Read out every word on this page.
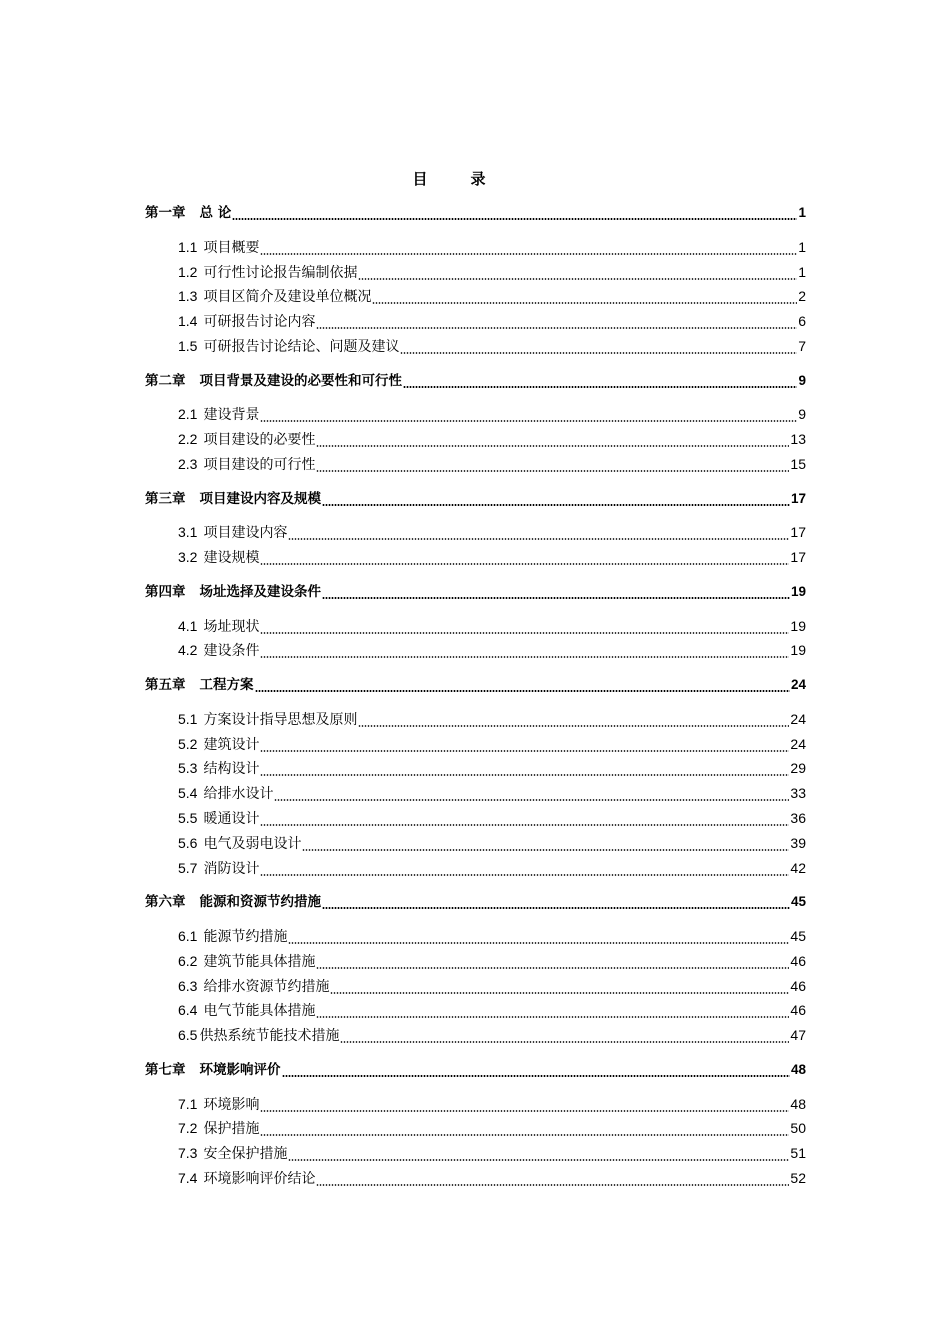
目　录
第一章 总 论	1
1.1 项目概要	1
1.2 可行性讨论报告编制依据	1
1.3 项目区简介及建设单位概况	2
1.4 可研报告讨论内容	6
1.5 可研报告讨论结论、问题及建议	7
第二章 项目背景及建设的必要性和可行性	9
2.1 建设背景	9
2.2 项目建设的必要性	13
2.3 项目建设的可行性	15
第三章 项目建设内容及规模	17
3.1 项目建设内容	17
3.2 建设规模	17
第四章 场址选择及建设条件	19
4.1 场址现状	19
4.2 建设条件	19
第五章 工程方案	24
5.1 方案设计指导思想及原则	24
5.2 建筑设计	24
5.3 结构设计	29
5.4 给排水设计	33
5.5 暖通设计	36
5.6 电气及弱电设计	39
5.7 消防设计	42
第六章 能源和资源节约措施	45
6.1 能源节约措施	45
6.2 建筑节能具体措施	46
6.3 给排水资源节约措施	46
6.4 电气节能具体措施	46
6.5 供热系统节能技术措施	47
第七章 环境影响评价	48
7.1 环境影响	48
7.2 保护措施	50
7.3 安全保护措施	51
7.4 环境影响评价结论	52
